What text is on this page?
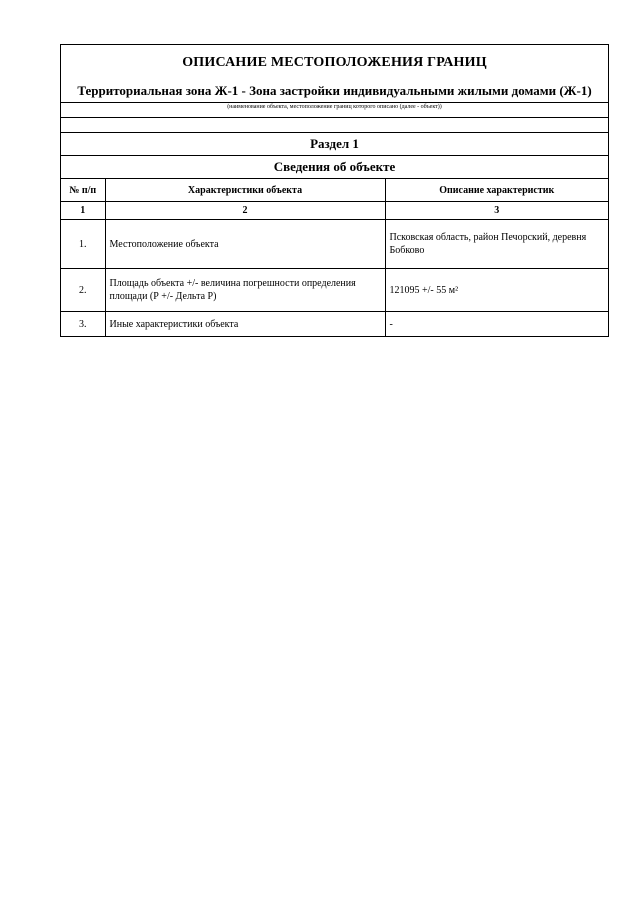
ОПИСАНИЕ МЕСТОПОЛОЖЕНИЯ ГРАНИЦ
Территориальная зона Ж-1 - Зона застройки индивидуальными жилыми домами (Ж-1)
(наименование объекта, местоположение границ которого описано (далее - объект))
Раздел 1
Сведения об объекте
№ п/п	Характеристики объекта	Описание характеристик
1	2	3
1.	Местоположение объекта	Псковская область, район Печорский, деревня Бобково
2.	Площадь объекта +/- величина погрешности определения площади (Р +/- Дельта Р)	121095 +/- 55 м²
3.	Иные характеристики объекта	-
